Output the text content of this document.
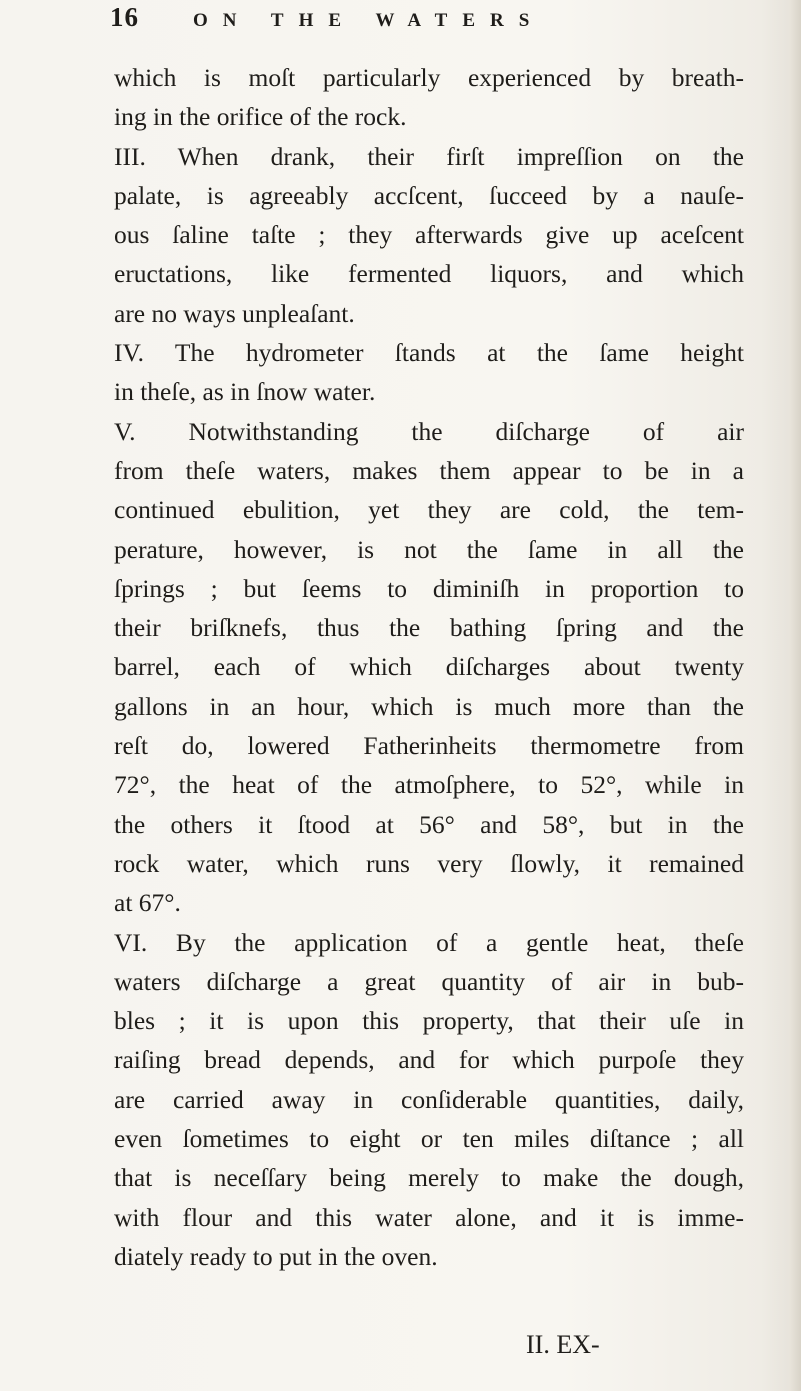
16	ON THE WATERS
which is moſt particularly experienced by breath-
ing in the orifice of the rock.
III. When drank, their firſt impreſſion on the
palate, is agreeably accſcent, ſucceed by a nauſe-
ous ſaline taſte ; they afterwards give up aceſcent
eructations, like fermented liquors, and which
are no ways unpleaſant.
IV. The hydrometer ſtands at the ſame height
in theſe, as in ſnow water.
V. Notwithstanding the diſcharge of air
from theſe waters, makes them appear to be in a
continued ebulition, yet they are cold, the tem-
perature, however, is not the ſame in all the
ſprings ; but ſeems to diminiſh in proportion to
their briſknefs, thus the bathing ſpring and the
barrel, each of which diſcharges about twenty
gallons in an hour, which is much more than the
reſt do, lowered Fatherinheits thermometre from
72°, the heat of the atmoſphere, to 52°, while in
the others it ſtood at 56° and 58°, but in the
rock water, which runs very ſlowly, it remained
at 67°.
VI. By the application of a gentle heat, theſe
waters diſcharge a great quantity of air in bub-
bles ; it is upon this property, that their uſe in
raiſing bread depends, and for which purpoſe they
are carried away in conſiderable quantities, daily,
even ſometimes to eight or ten miles diſtance ; all
that is neceſſary being merely to make the dough,
with flour and this water alone, and it is imme-
diately ready to put in the oven.
II. EX-
